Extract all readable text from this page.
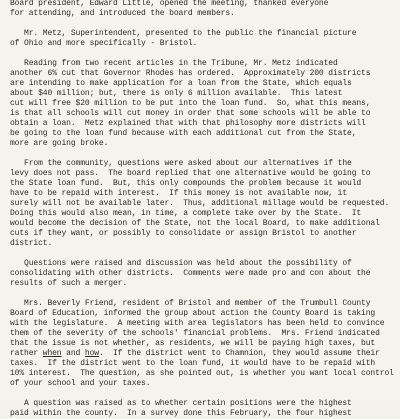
Board president, Edward Little, opened the meeting, thanked everyone
for attending, and introduced the board members.
Mr. Metz, Superintendent, presented to the public the financial picture
of Ohio and more specifically - Bristol.
Reading from two recent articles in the Tribune, Mr. Metz indicated
another 6% cut that Governor Rhodes has ordered.  Approximately 200 districts
are intending to make application for a loan from the State, which equals
about $40 million; but, there is only 6 million available.  This latest
cut will free $20 million to be put into the loan fund.  So, what this means,
is that all schools will cut money in order that some schools will be able to
obtain a loan.  Metz explained that with that philosophy more districts will
be going to the loan fund because with each additional cut from the State,
more are going broke.
From the community, questions were asked about our alternatives if the
levy does not pass.  The board replied that one alternative would be going to
the State loan fund.  But, this only compounds the problem because it would
have to be repaid with interest.  If this money is not available now, it
surely will not be available later.  Thus, additional millage would be requested.
Doing this would also mean, in time, a complete take over by the State.  It
would become the decision of the State, not the local Board, to make additional
cuts if they want, or possibly to consolidate or assign Bristol to another
district.
Questions were raised and discussion was held about the possibility of
consolidating with other districts.  Comments were made pro and con about the
results of such a merger.
Mrs. Beverly Friend, resident of Bristol and member of the Trumbull County
Board of Education, informed the group about action the County Board is taking
with the legislature.  A meeting with area legislators has been held to convince
them of the severity of the schools' financial problems.  Mrs. Friend indicated
that the issue is not whether, as residents, we will be paying high taxes, but
rather when and how.  If the district went to Chamnion, they would assume their
taxes.  If the district went to the loan fund, it would have to be repaid with
10% interest.  The question, as she pointed out, is whether you want local control
of your school and your taxes.
A question was raised as to whether certain positions were the highest
paid within the county.  In a survey done this February, the four highest
